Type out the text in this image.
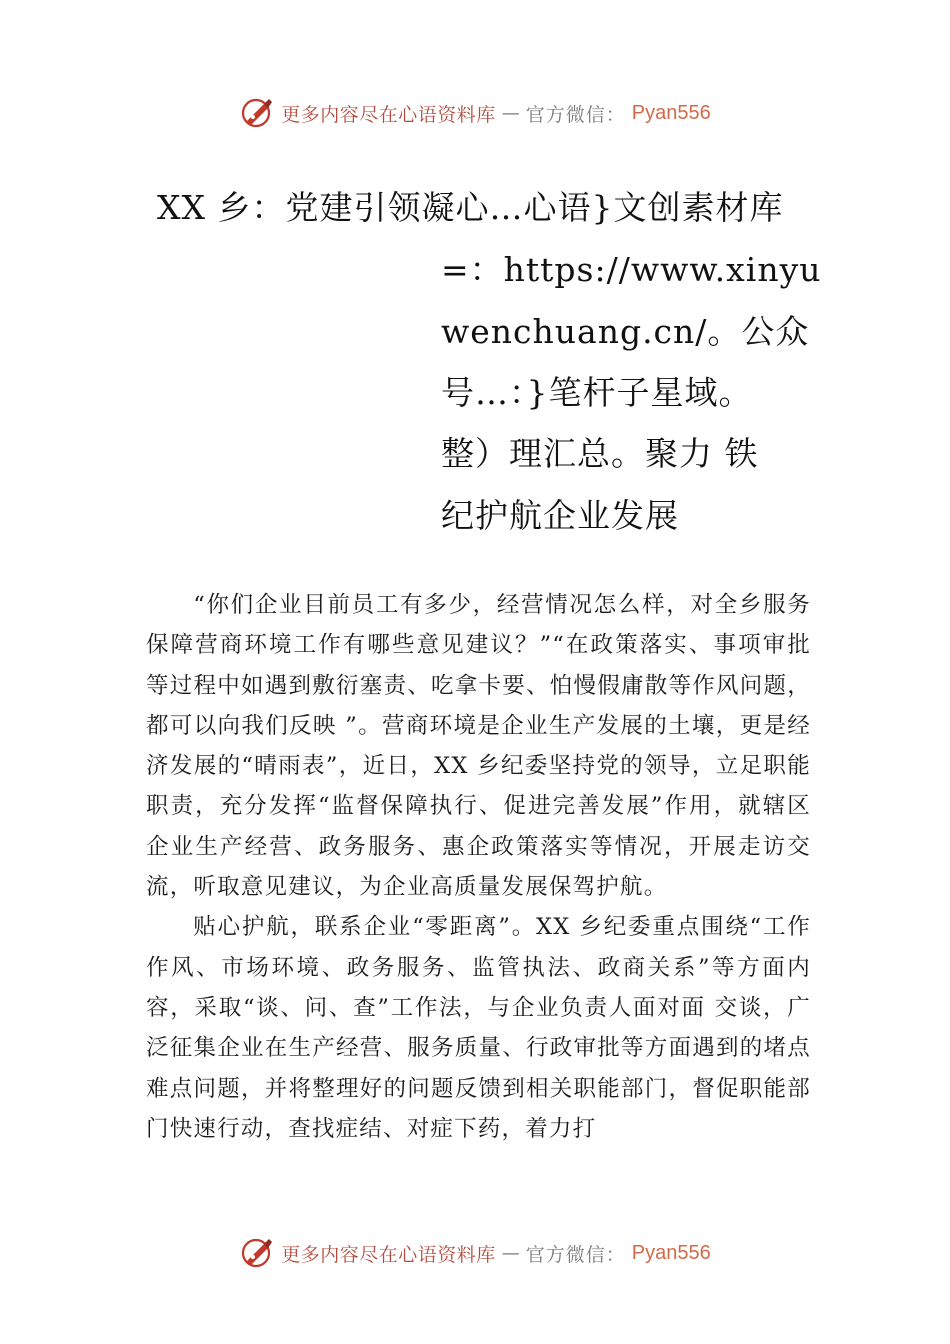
更多内容尽在心语资料库 — 官方微信： Pyan556
XX 乡：党建引领凝心…心语}文创素材库
=：https://www.xinyu
wenchuang.cn/。公众
号…：}笔杆子星域。
整）理汇总。聚力 铁
纪护航企业发展

“你们企业目前员工有多少，经营情况怎么样，对全乡服务保障营商环境工作有哪些意见建议？”“在政策落实、事项审批等过程中如遇到敷衍塞责、吃拿卡要、怕慢假庸散等作风问题，都可以向我们反映 ”。营商环境是企业生产发展的土壤，更是经济发展的“晴雨表”，近日，XX 乡纪委坚持党的领导，立足职能职责，充分发挥“监督保障执行、促进完善发展”作用，就辖区企业生产经营、政务服务、惠企政策落实等情况，开展走访交流，听取意见建议，为企业高质量发展保驾护航。

贴心护航，联系企业“零距离”。XX 乡纪委重点围绕“工作作风、市场环境、政务服务、监管执法、政商关系”等方面内容，采取“谈、问、查”工作法，与企业负责人面对面 交谈，广泛征集企业在生产经营、服务质量、行政审批等方面遇到的堵点难点问题，并将整理好的问题反馈到相关职能部门，督促职能部门快速行动，查找症结、对症下药，着力打

更多内容尽在心语资料库 — 官方微信： Pyan556
